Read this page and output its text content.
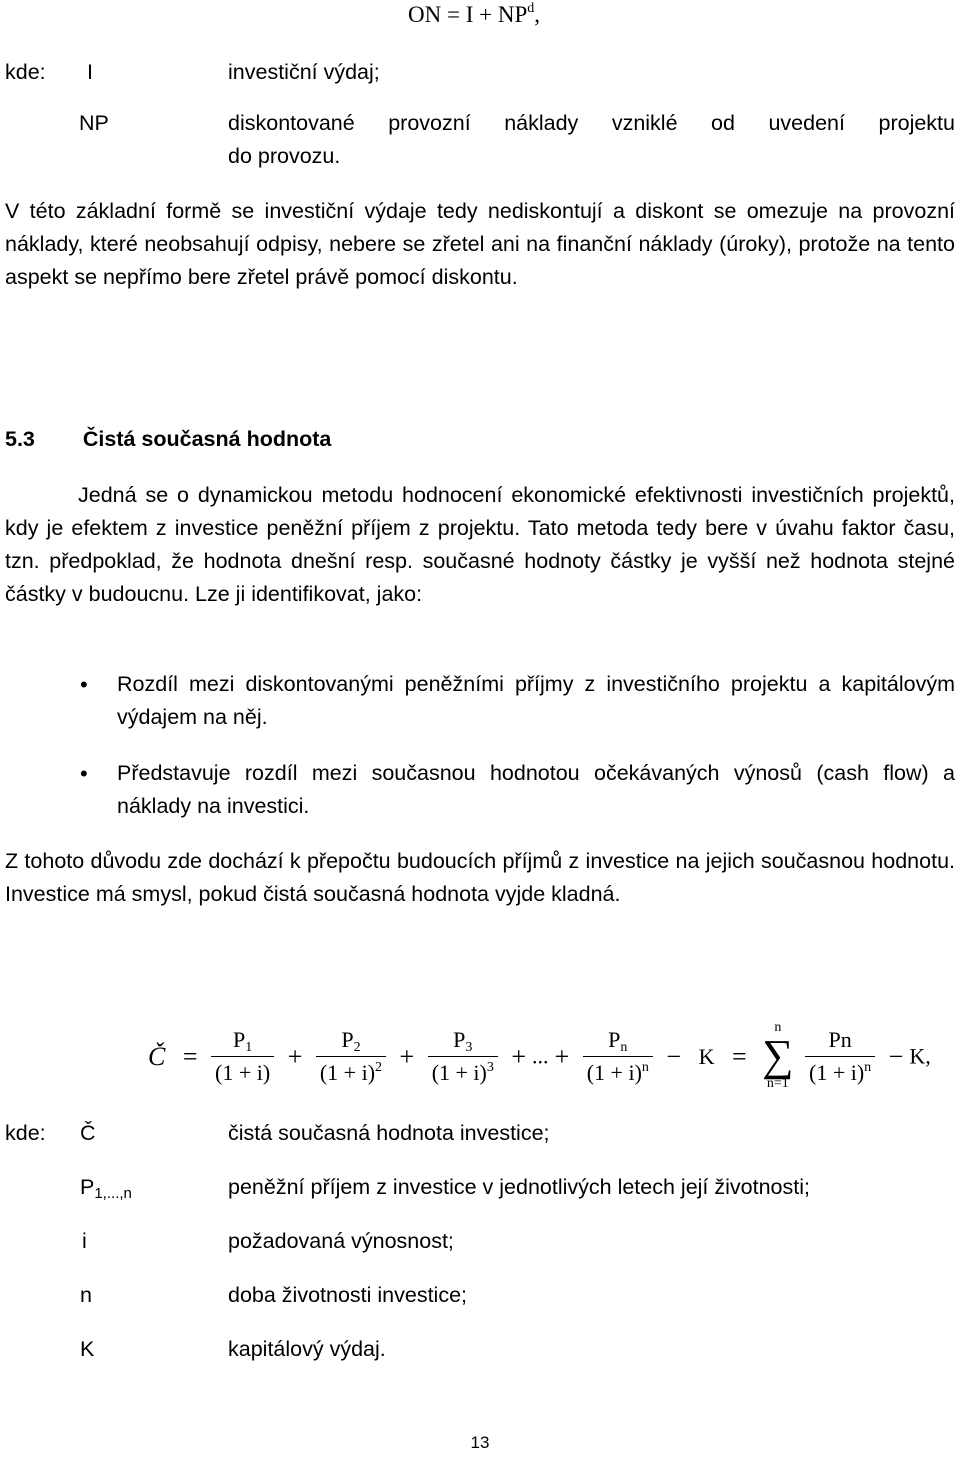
ON = $I + NP^d$,
kde: I	investiční výdaj;
NP	diskontované provozní náklady vzniklé od uvedení projektu
do provozu.
V této základní formě se investiční výdaje tedy nediskontují a diskont se omezuje na provozní náklady, které neobsahují odpisy, nebere se zřetel ani na finanční náklady (úroky), protože na tento aspekt se nepřímo bere zřetel právě pomocí diskontu.
5.3 Čistá současná hodnota
Jedná se o dynamickou metodu hodnocení ekonomické efektivnosti investičních projektů, kdy je efektem z investice peněžní příjem z projektu. Tato metoda tedy bere v úvahu faktor času, tzn. předpoklad, že hodnota dnešní resp. současné hodnoty částky je vyšší než hodnota stejné částky v budoucnu. Lze ji identifikovat, jako:
• Rozdíl mezi diskontovanými peněžními příjmy z investičního projektu a kapitálovým výdajem na něj.
• Představuje rozdíl mezi současnou hodnotou očekávaných výnosů (cash flow) a náklady na investici.
Z tohoto důvodu zde dochází k přepočtu budoucích příjmů z investice na jejich současnou hodnotu. Investice má smysl, pokud čistá současná hodnota vyjde kladná.
Č = $\frac{P_1}{(1 + i)} + \frac{P_2}{(1 + i)^2} + \frac{P_3}{(1 + i)^3}$ + ... + $\frac{P_n}{(1 + i)^n} - K$ =
n
∑
n=1
$\frac{Pn}{(1 + i)^n} - K$,
kde: Č	čistá současná hodnota investice;
$P_{1,...,n}$	peněžní příjem z investice v jednotlivých letech její životnosti;
i	požadovaná výnosnost;
n	doba životnosti investice;
K	kapitálový výdaj.
13
